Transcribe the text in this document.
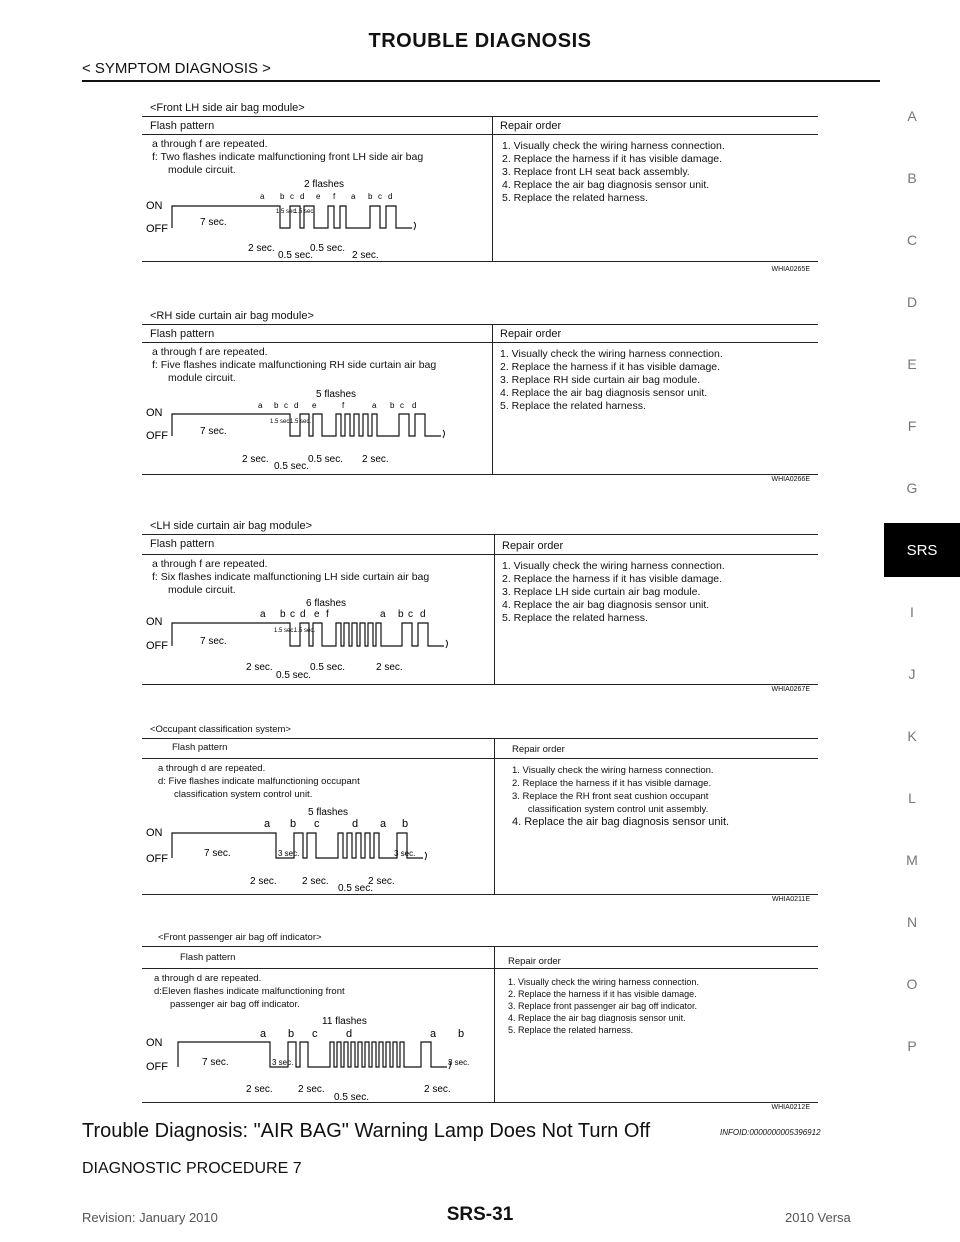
TROUBLE DIAGNOSIS
< SYMPTOM DIAGNOSIS >
A
B
C
D
E
F
G
I
J
K
L
M
N
O
P
SRS
<Front LH side air bag module>
Flash pattern	Repair order
a through f are repeated.
f: Two flashes indicate malfunctioning front LH side air bag

module circuit.
1. Visually check the wiring harness connection.
2. Replace the harness if it has visible damage.
3. Replace front LH seat back assembly.
4. Replace the air bag diagnosis sensor unit.
5. Replace the related harness.
ON
OFF
2 flashes
a b c d e f a b c d
7 sec.
1.5 sec.
1.5 sec.
2 sec.
0.5 sec.
0.5 sec.
2 sec.
WHIA0265E
<RH side curtain air bag module>
Flash pattern	Repair order
a through f are repeated.
f: Five flashes indicate malfunctioning RH side curtain air bag

module circuit.
1. Visually check the wiring harness connection.
2. Replace the harness if it has visible damage.
3. Replace RH side curtain air bag module.
4. Replace the air bag diagnosis sensor unit.
5. Replace the related harness.
ON
OFF
5 flashes
a b c d e	f	a b c d
7 sec.
1.5 sec.
1.5 sec.
2 sec.
0.5 sec.
0.5 sec. 2 sec.
WHIA0266E
<LH side curtain air bag module>
Flash pattern	Repair order
a through f are repeated.
f: Six flashes indicate malfunctioning LH side curtain air bag

module circuit.
1. Visually check the wiring harness connection.
2. Replace the harness if it has visible damage.
3. Replace LH side curtain air bag module.
4. Replace the air bag diagnosis sensor unit.
5. Replace the related harness.
ON
OFF
6 flashes
a b c d e f	a b c d
7 sec.
1.5 sec.
1.5 sec.
2 sec.
0.5 sec.
0.5 sec.	2 sec.
WHIA0267E
<Occupant classification system>
Flash pattern	Repair order
a through d are repeated.
d: Five flashes indicate malfunctioning occupant

classification system control unit.
1. Visually check the wiring harness connection.
2. Replace the harness if it has visible damage.
3. Replace the RH front seat cushion occupant
classification system control unit assembly.
4. Replace the air bag diagnosis sensor unit.
ON
OFF
5 flashes
a b c	d a b
7 sec.	3 sec.	3 sec.
2 sec.	2 sec.
0.5 sec.
2 sec.
WHIA0211E
<Front passenger air bag off indicator>
Flash pattern	Repair order
a through d are repeated.
d:Eleven flashes indicate malfunctioning front

passenger air bag off indicator.
1. Visually check the wiring harness connection.
2. Replace the harness if it has visible damage.
3. Replace front passenger air bag off indicator.
4. Replace the air bag diagnosis sensor unit.
5. Replace the related harness.
ON
OFF
11 flashes
a b c	d	a b
7 sec.	3 sec.	3 sec.
2 sec.	2 sec.
0.5 sec.
2 sec.
WHIA0212E
Trouble Diagnosis: "AIR BAG" Warning Lamp Does Not Turn Off	INFOID:0000000005396912
DIAGNOSTIC PROCEDURE 7
Revision: January 2010	SRS-31	2010 Versa
